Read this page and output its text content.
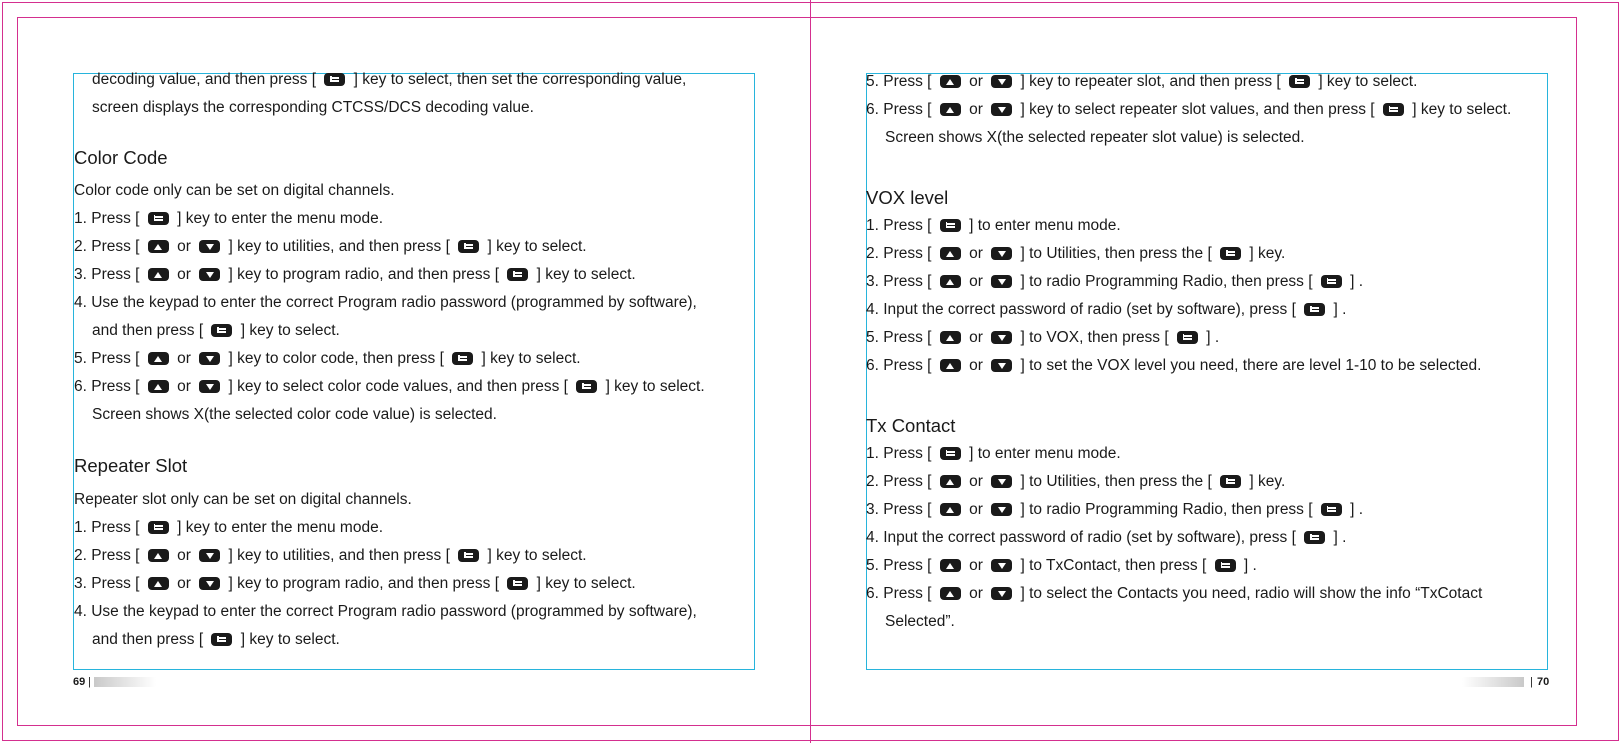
decoding value, and then press [  ] key to select, then set the corresponding value,
screen displays the corresponding CTCSS/DCS decoding value.
Color Code
Color code only can be set on digital channels.
1. Press [  ] key to enter the menu mode.
2. Press [  or  ] key to utilities, and then press [  ] key to select.
3. Press [  or  ] key to program radio, and then press [  ] key to select.
4. Use the keypad to enter the correct Program radio password (programmed by software),
and then press [  ] key to select.
5. Press [  or  ] key to color code, then press [  ] key to select.
6. Press [  or  ] key to select color code values, and then press [  ] key to select.
Screen shows X(the selected color code value) is selected.
Repeater Slot
Repeater slot only can be set on digital channels.
1. Press [  ] key to enter the menu mode.
2. Press [  or  ] key to utilities, and then press [  ] key to select.
3. Press [  or  ] key to program radio, and then press [  ] key to select.
4. Use the keypad to enter the correct Program radio password (programmed by software),
and then press [  ] key to select.
69 |
5. Press [  or  ] key to repeater slot, and then press [  ] key to select.
6. Press [  or  ] key to select repeater slot values, and then press [  ] key to select.
Screen shows X(the selected repeater slot value) is selected.
VOX level
1. Press [  ] to enter menu mode.
2. Press [  or  ] to Utilities, then press the [  ] key.
3. Press [  or  ] to radio Programming Radio, then press [  ] .
4. Input the correct password of radio (set by software), press [  ] .
5. Press [  or  ] to VOX, then press [  ] .
6. Press [  or  ] to set the VOX level you need, there are level 1-10 to be selected.
Tx Contact
1. Press [  ] to enter menu mode.
2. Press [  or  ] to Utilities, then press the [  ] key.
3. Press [  or  ] to radio Programming Radio, then press [  ] .
4. Input the correct password of radio (set by software), press [  ] .
5. Press [  or  ] to TxContact, then press [  ] .
6. Press [  or  ] to select the Contacts you need, radio will show the info “TxCotact
Selected”.
| 70
